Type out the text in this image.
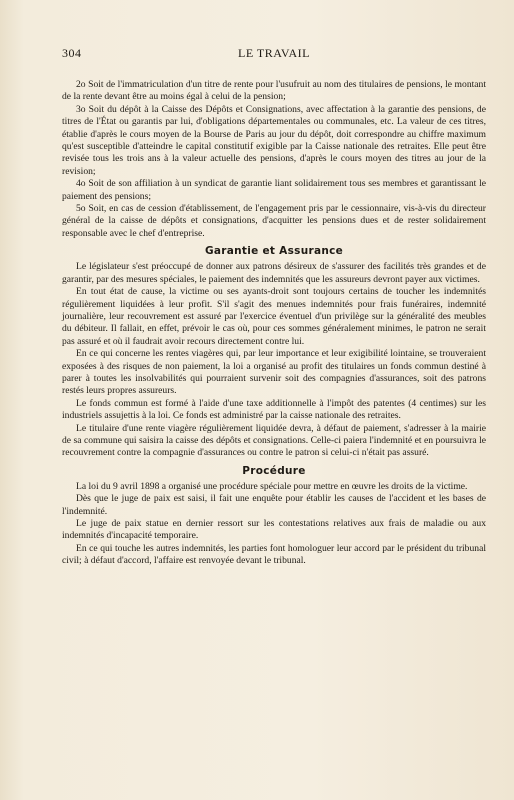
304	LE TRAVAIL

2o Soit de l'immatriculation d'un titre de rente pour l'usufruit au nom des titulaires de pensions, le montant de la rente devant être au moins égal à celui de la pension;

3o Soit du dépôt à la Caisse des Dépôts et Consignations, avec affectation à la garantie des pensions, de titres de l'État ou garantis par lui, d'obligations départementales ou communales, etc. La valeur de ces titres, établie d'après le cours moyen de la Bourse de Paris au jour du dépôt, doit correspondre au chiffre maximum qu'est susceptible d'atteindre le capital constitutif exigible par la Caisse nationale des retraites. Elle peut être revisée tous les trois ans à la valeur actuelle des pensions, d'après le cours moyen des titres au jour de la revision;

4o Soit de son affiliation à un syndicat de garantie liant solidairement tous ses membres et garantissant le paiement des pensions;

5o Soit, en cas de cession d'établissement, de l'engagement pris par le cessionnaire, vis-à-vis du directeur général de la caisse de dépôts et consignations, d'acquitter les pensions dues et de rester solidairement responsable avec le chef d'entreprise.

Garantie et Assurance

Le législateur s'est préoccupé de donner aux patrons désireux de s'assurer des facilités très grandes et de garantir, par des mesures spéciales, le paiement des indemnités que les assureurs devront payer aux victimes.

En tout état de cause, la victime ou ses ayants-droit sont toujours certains de toucher les indemnités régulièrement liquidées à leur profit. S'il s'agit des menues indemnités pour frais funéraires, indemnité journalière, leur recouvrement est assuré par l'exercice éventuel d'un privilège sur la généralité des meubles du débiteur. Il fallait, en effet, prévoir le cas où, pour ces sommes généralement minimes, le patron ne serait pas assuré et où il faudrait avoir recours directement contre lui.

En ce qui concerne les rentes viagères qui, par leur importance et leur exigibilité lointaine, se trouveraient exposées à des risques de non paiement, la loi a organisé au profit des titulaires un fonds commun destiné à parer à toutes les insolvabilités qui pourraient survenir soit des compagnies d'assurances, soit des patrons restés leurs propres assureurs.

Le fonds commun est formé à l'aide d'une taxe additionnelle à l'impôt des patentes (4 centimes) sur les industriels assujettis à la loi. Ce fonds est administré par la caisse nationale des retraites.

Le titulaire d'une rente viagère régulièrement liquidée devra, à défaut de paiement, s'adresser à la mairie de sa commune qui saisira la caisse des dépôts et consignations. Celle-ci paiera l'indemnité et en poursuivra le recouvrement contre la compagnie d'assurances ou contre le patron si celui-ci n'était pas assuré.

Procédure

La loi du 9 avril 1898 a organisé une procédure spéciale pour mettre en œuvre les droits de la victime.

Dès que le juge de paix est saisi, il fait une enquête pour établir les causes de l'accident et les bases de l'indemnité.

Le juge de paix statue en dernier ressort sur les contestations relatives aux frais de maladie ou aux indemnités d'incapacité temporaire.

En ce qui touche les autres indemnités, les parties font homologuer leur accord par le président du tribunal civil; à défaut d'accord, l'affaire est renvoyée devant le tribunal.
